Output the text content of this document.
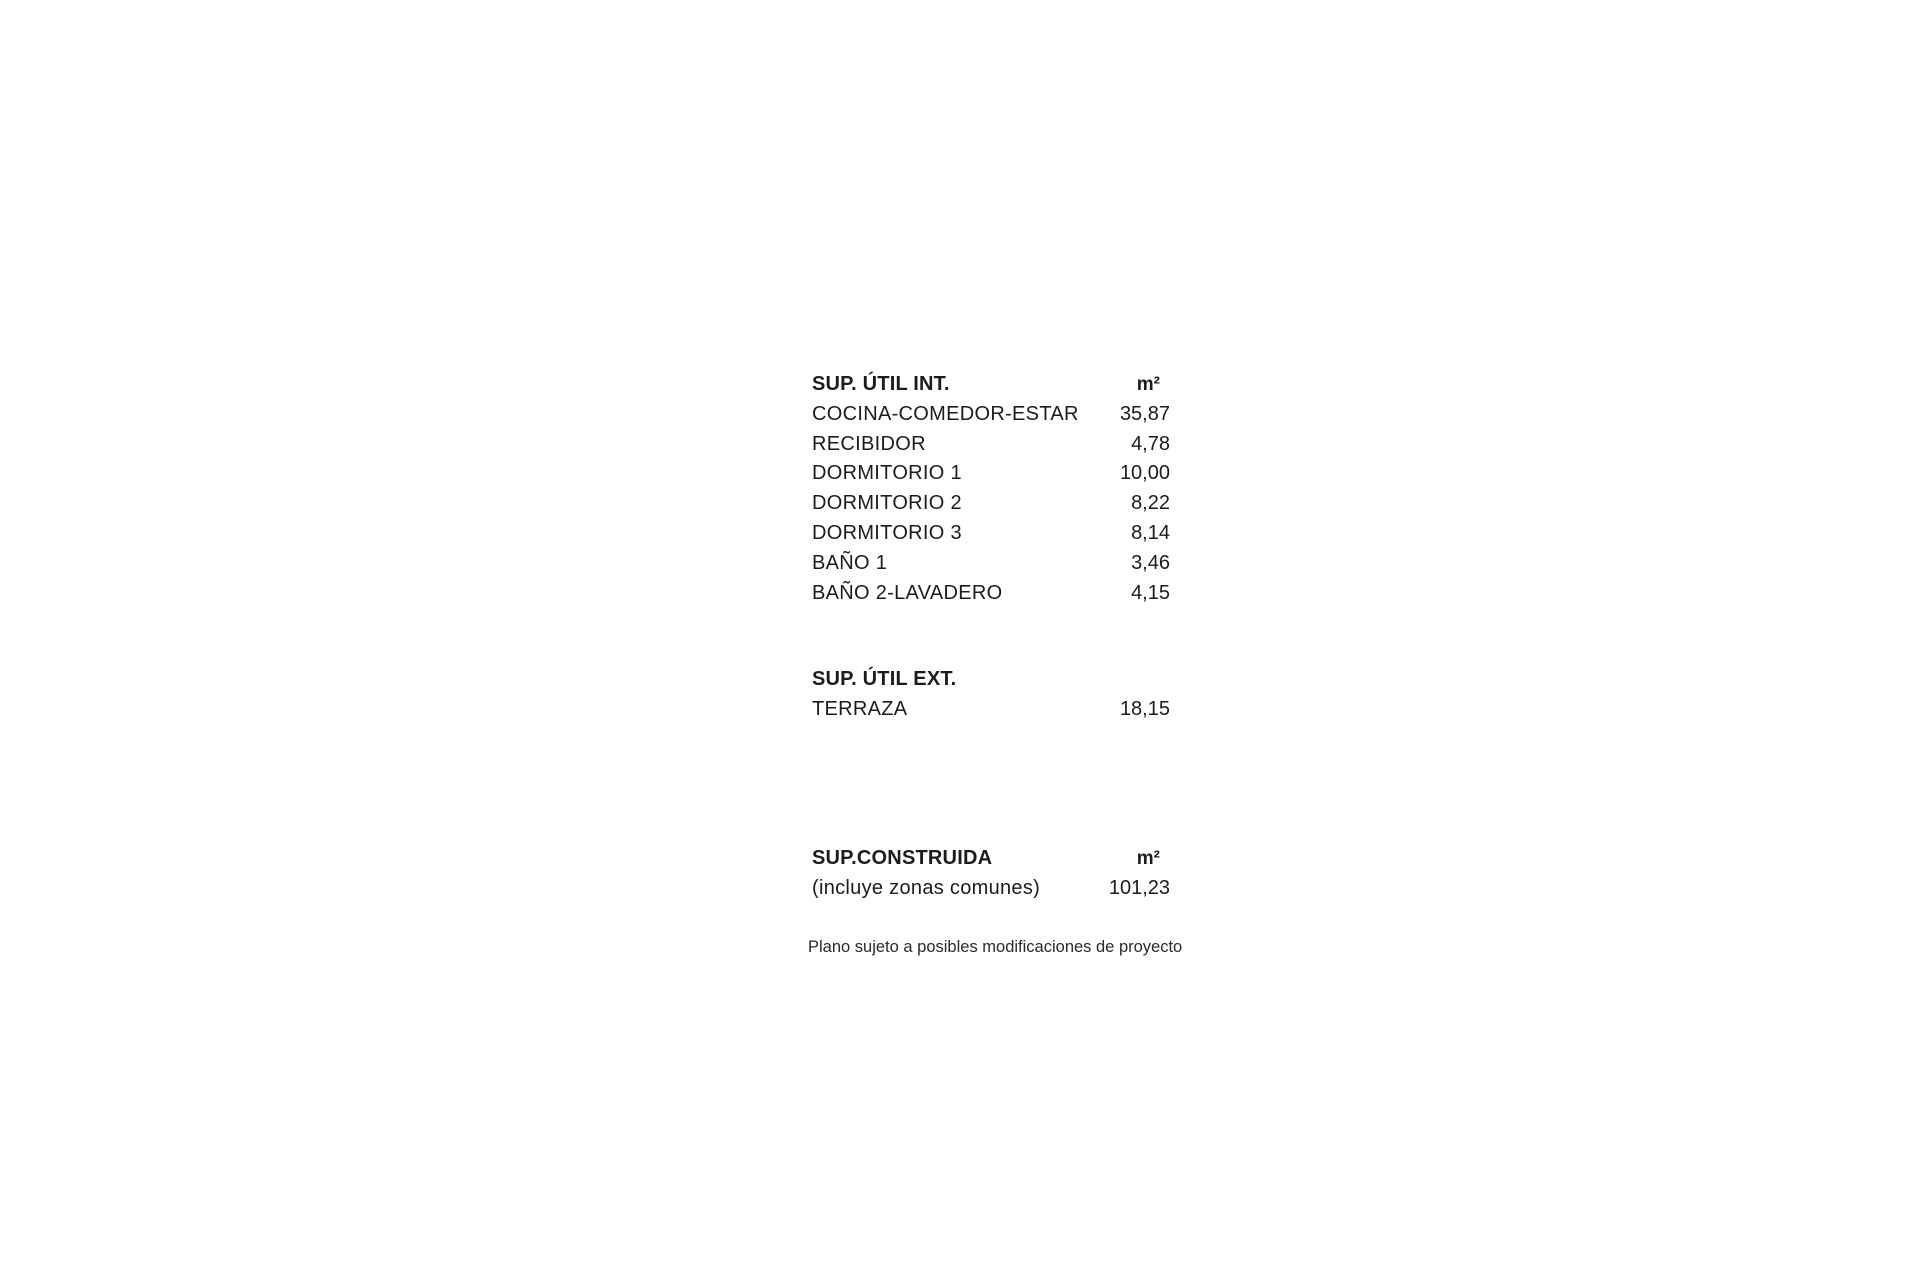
SUP. ÚTIL INT.	m²
COCINA-COMEDOR-ESTAR 35,87
RECIBIDOR	4,78
DORMITORIO 1	10,00
DORMITORIO 2	8,22
DORMITORIO 3	8,14
BAÑO 1	3,46
BAÑO 2-LAVADERO	4,15
SUP. ÚTIL EXT.
TERRAZA	18,15
SUP.CONSTRUIDA	m²
(incluye zonas comunes)	101,23
Plano sujeto a posibles modificaciones de proyecto
